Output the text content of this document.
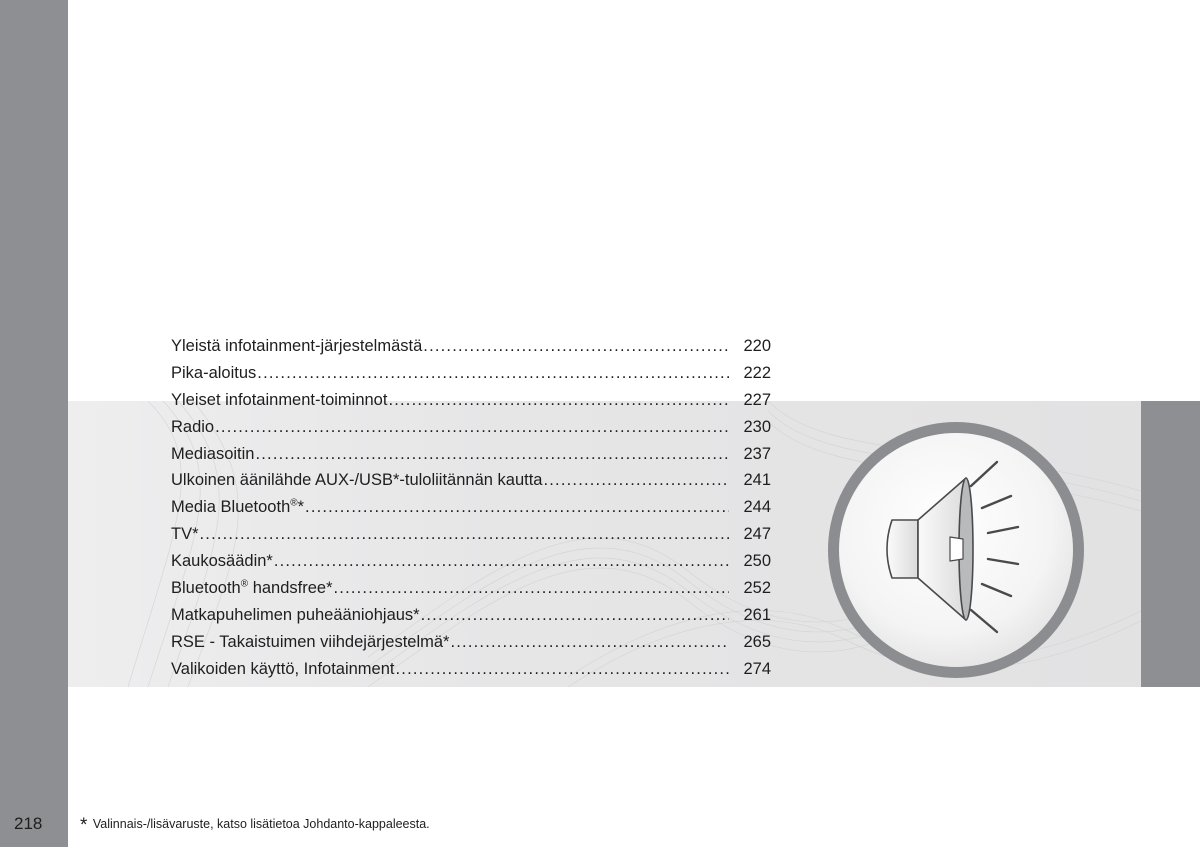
Yleistä infotainment-järjestelmästä .....	220
Pika-aloitus .....	222
Yleiset infotainment-toiminnot .....	227
Radio .....	230
Mediasoitin .....	237
Ulkoinen äänilähde AUX-/USB*-tuloliitännän kautta .....	241
Media Bluetooth®* .....	244
TV* .....	247
Kaukosäädin* .....	250
Bluetooth® handsfree* .....	252
Matkapuhelimen puheääniohjaus* .....	261
RSE - Takaistuimen viihdejärjestelmä* .....	265
Valikoiden käyttö, Infotainment .....	274
218 * Valinnais-/lisävaruste, katso lisätietoa Johdanto-kappaleesta.
